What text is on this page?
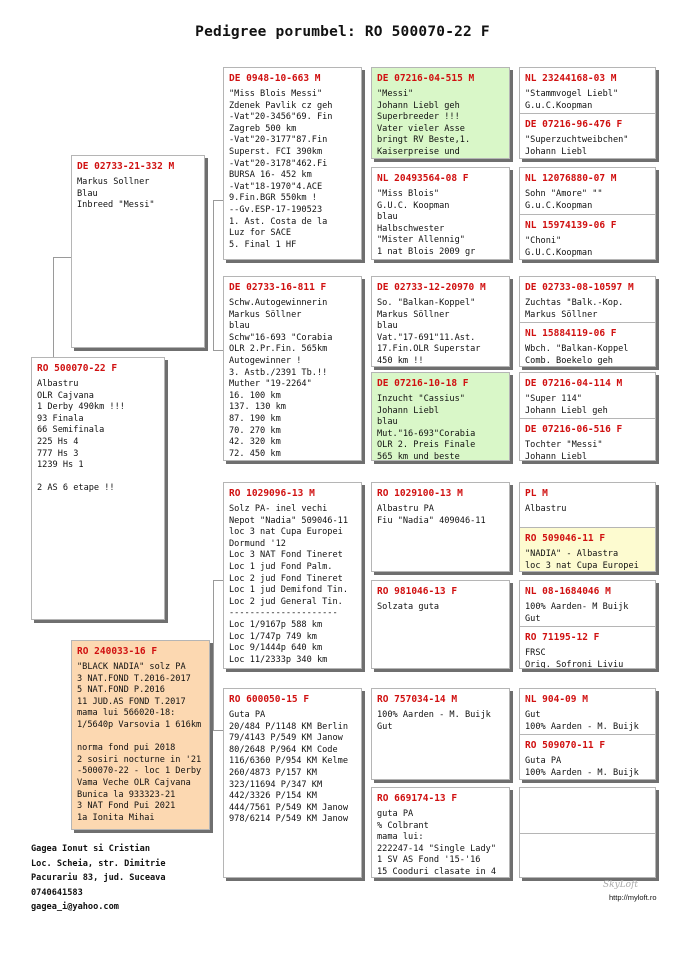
Pedigree porumbel: RO 500070-22 F
RO 500070-22 F
Albastru
OLR Cajvana
1 Derby 490km !!!
93 Finala
66 Semifinala
225 Hs 4
777 Hs 3
1239 Hs 1

2 AS 6 etape !!
DE 02733-21-332 M
Markus Sollner
Blau
Inbreed "Messi"
RO 240033-16 F
"BLACK NADIA" solz PA
3 NAT.FOND T.2016-2017
5 NAT.FOND P.2016
11 JUD.AS FOND T.2017
mama lui 566020-18:
1/5640p Varsovia 1 616km

norma fond pui 2018
2 sosiri nocturne in '21
-500070-22 - loc 1 Derby
Vama Veche OLR Cajvana
Bunica la 933323-21
3 NAT Fond Pui 2021
1a Ionita Mihai
DE 0948-10-663 M
"Miss Blois Messi"
Zdenek Pavlik cz geh
-Vat"20-3456"69. Fin
Zagreb 500 km
-Vat"20-3177"87.Fin
Superst. FCI 390km
-Vat"20-3178"462.Fi
BURSA 16- 452 km
-Vat"18-1970"4.ACE
9.Fin.BGR 550km !
--Gv.ESP-17-190523
1. Ast. Costa de la
Luz for SACE
5. Final 1 HF
DE 02733-16-811 F
Schw.Autogewinnerin
Markus Söllner
blau
Schw"16-693 "Corabia
OLR 2.Pr.Fin. 565km
Autogewinner !
3. Astb./2391 Tb.!!
Muther "19-2264"
16. 100 km
137. 130 km
87. 190 km
70. 270 km
42. 320 km
72. 450 km
RO 1029096-13 M
Solz PA- inel vechi
Nepot "Nadia" 509046-11
loc 3 nat Cupa Europei
Dormund '12
Loc 3 NAT Fond Tineret
Loc 1 jud Fond Palm.
Loc 2 jud Fond Tineret
Loc 1 jud Demifond Tin.
Loc 2 jud General Tin.
---------------------
Loc 1/9167p 588 km
Loc 1/747p 749 km
Loc 9/1444p 640 km
Loc 11/2333p 340 km
RO 600050-15 F
Guta PA
20/484 P/1148 KM Berlin
79/4143 P/549 KM Janow
80/2648 P/964 KM Code
116/6360 P/954 KM Kelme
260/4873 P/157 KM
323/11694 P/347 KM
442/3326 P/154 KM
444/7561 P/549 KM Janow
978/6214 P/549 KM Janow
DE 07216-04-515 M
"Messi"
Johann Liebl geh
Superbreeder !!!
Vater vieler Asse
bringt RV Beste,1.
Kaiserpreise und
NL 20493564-08 F
"Miss Blois"
G.U.C. Koopman
blau
Halbschwester
"Mister Allennig"
1 nat Blois 2009 gr
DE 02733-12-20970 M
So. "Balkan-Koppel"
Markus Söllner
blau
Vat."17-691"11.Ast.
17.Fin.OLR Superstar
450 km !!
DE 07216-10-18 F
Inzucht "Cassius"
Johann Liebl
blau
Mut."16-693"Corabia
OLR 2. Preis Finale
565 km und beste
RO 1029100-13 M
Albastru PA
Fiu "Nadia" 409046-11
RO 981046-13 F
Solzata guta
RO 757034-14 M
100% Aarden - M. Buijk
Gut
RO 669174-13 F
guta PA
% Colbrant
mama lui:
222247-14 "Single Lady"
1 SV AS Fond '15-'16
15 Cooduri clasate in 4
NL 23244168-03 M
"Stammvogel Liebl"
G.u.C.Koopman
DE 07216-96-476 F
"Superzuchtweibchen"
Johann Liebl
NL 12076880-07 M
Sohn "Amore" ""
G.u.C.Koopman
NL 15974139-06 F
"Choni"
G.U.C.Koopman
DE 02733-08-10597 M
Zuchtas "Balk.-Kop.
Markus Söllner
NL 15884119-06 F
Wbch. "Balkan-Koppel
Comb. Boekelo geh
DE 07216-04-114 M
"Super 114"
Johann Liebl geh
DE 07216-06-516 F
Tochter "Messi"
Johann Liebl
PL M
Albastru
RO 509046-11 F
"NADIA" - Albastra
loc 3 nat Cupa Europei
NL 08-1684046 M
100% Aarden- M Buijk
Gut
RO 71195-12 F
FRSC
Orig. Sofroni Liviu
NL 904-09 M
Gut
100% Aarden - M. Buijk
RO 509070-11 F
Guta PA
100% Aarden - M. Buijk
Gagea Ionut si Cristian
Loc. Scheia, str. Dimitrie
Pacurariu 83, jud. Suceava
0740641583
gagea_i@yahoo.com
SkyLoft
http://myloft.ro
